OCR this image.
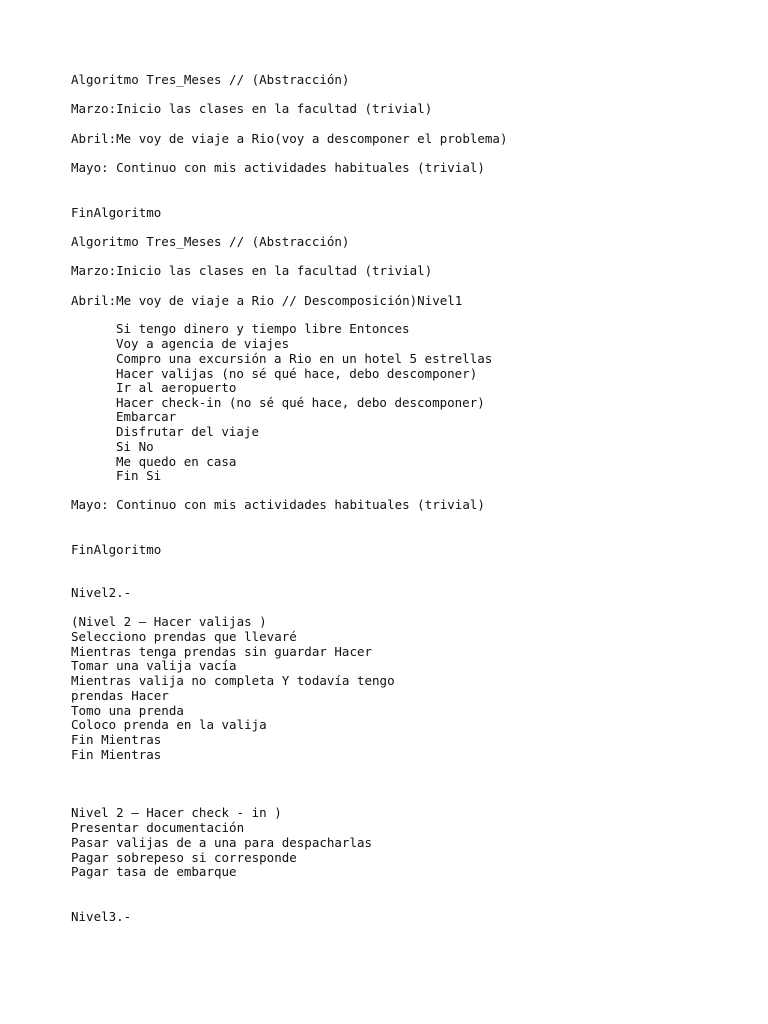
Algoritmo Tres_Meses // (Abstracción)
Marzo:Inicio las clases en la facultad (trivial)
Abril:Me voy de viaje a Rio(voy a descomponer el problema)
Mayo: Continuo con mis actividades habituales (trivial)
FinAlgoritmo
Algoritmo Tres_Meses // (Abstracción)
Marzo:Inicio las clases en la facultad (trivial)
Abril:Me voy de viaje a Rio // Descomposición)Nivel1
Si tengo dinero y tiempo libre Entonces
Voy a agencia de viajes
Compro una excursión a Rio en un hotel 5 estrellas
Hacer valijas (no sé qué hace, debo descomponer)
Ir al aeropuerto
Hacer check-in (no sé qué hace, debo descomponer)
Embarcar
Disfrutar del viaje
Si No
Me quedo en casa
Fin Si
Mayo: Continuo con mis actividades habituales (trivial)
FinAlgoritmo
Nivel2.-
(Nivel 2 – Hacer valijas )
Selecciono prendas que llevaré
Mientras tenga prendas sin guardar Hacer
Tomar una valija vacía
Mientras valija no completa Y todavía tengo
prendas Hacer
Tomo una prenda
Coloco prenda en la valija
Fin Mientras
Fin Mientras
Nivel 2 – Hacer check - in )
Presentar documentación
Pasar valijas de a una para despacharlas
Pagar sobrepeso si corresponde
Pagar tasa de embarque
Nivel3.-
